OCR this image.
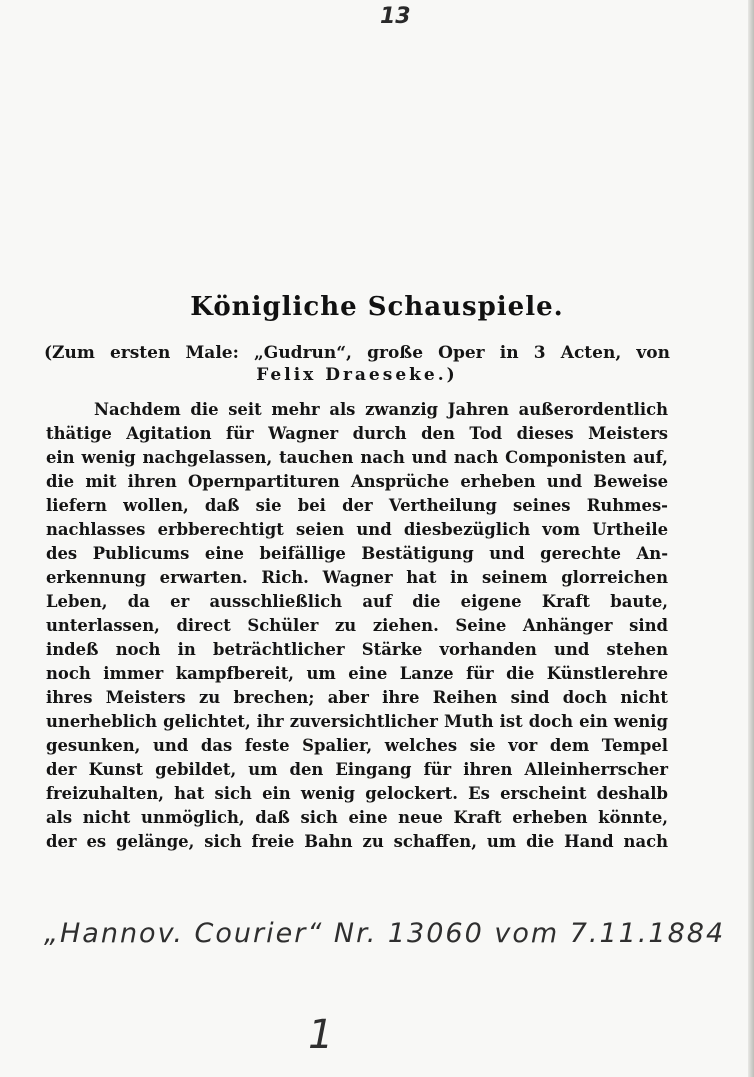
13
Königliche Schauspiele.
(Zum ersten Male: „Gudrun“, große Oper in 3 Acten, von
Felix Draeseke.)
Nachdem die seit mehr als zwanzig Jahren außerordentlich
thätige Agitation für Wagner durch den Tod dieses Meisters
ein wenig nachgelassen, tauchen nach und nach Componisten auf,
die mit ihren Opernpartituren Ansprüche erheben und Beweise
liefern wollen, daß sie bei der Vertheilung seines Ruhmes-
nachlasses erbberechtigt seien und diesbezüglich vom Urtheile
des Publicums eine beifällige Bestätigung und gerechte An-
erkennung erwarten. Rich. Wagner hat in seinem glorreichen
Leben, da er ausschließlich auf die eigene Kraft baute,
unterlassen, direct Schüler zu ziehen. Seine Anhänger sind
indeß noch in beträchtlicher Stärke vorhanden und stehen
noch immer kampfbereit, um eine Lanze für die Künstlerehre
ihres Meisters zu brechen; aber ihre Reihen sind doch nicht
unerheblich gelichtet, ihr zuversichtlicher Muth ist doch ein wenig
gesunken, und das feste Spalier, welches sie vor dem Tempel
der Kunst gebildet, um den Eingang für ihren Alleinherrscher
freizuhalten, hat sich ein wenig gelockert. Es erscheint deshalb
als nicht unmöglich, daß sich eine neue Kraft erheben könnte,
der es gelänge, sich freie Bahn zu schaffen, um die Hand nach
„Hannov. Courier“ Nr. 13060 vom 7.11.1884
1
